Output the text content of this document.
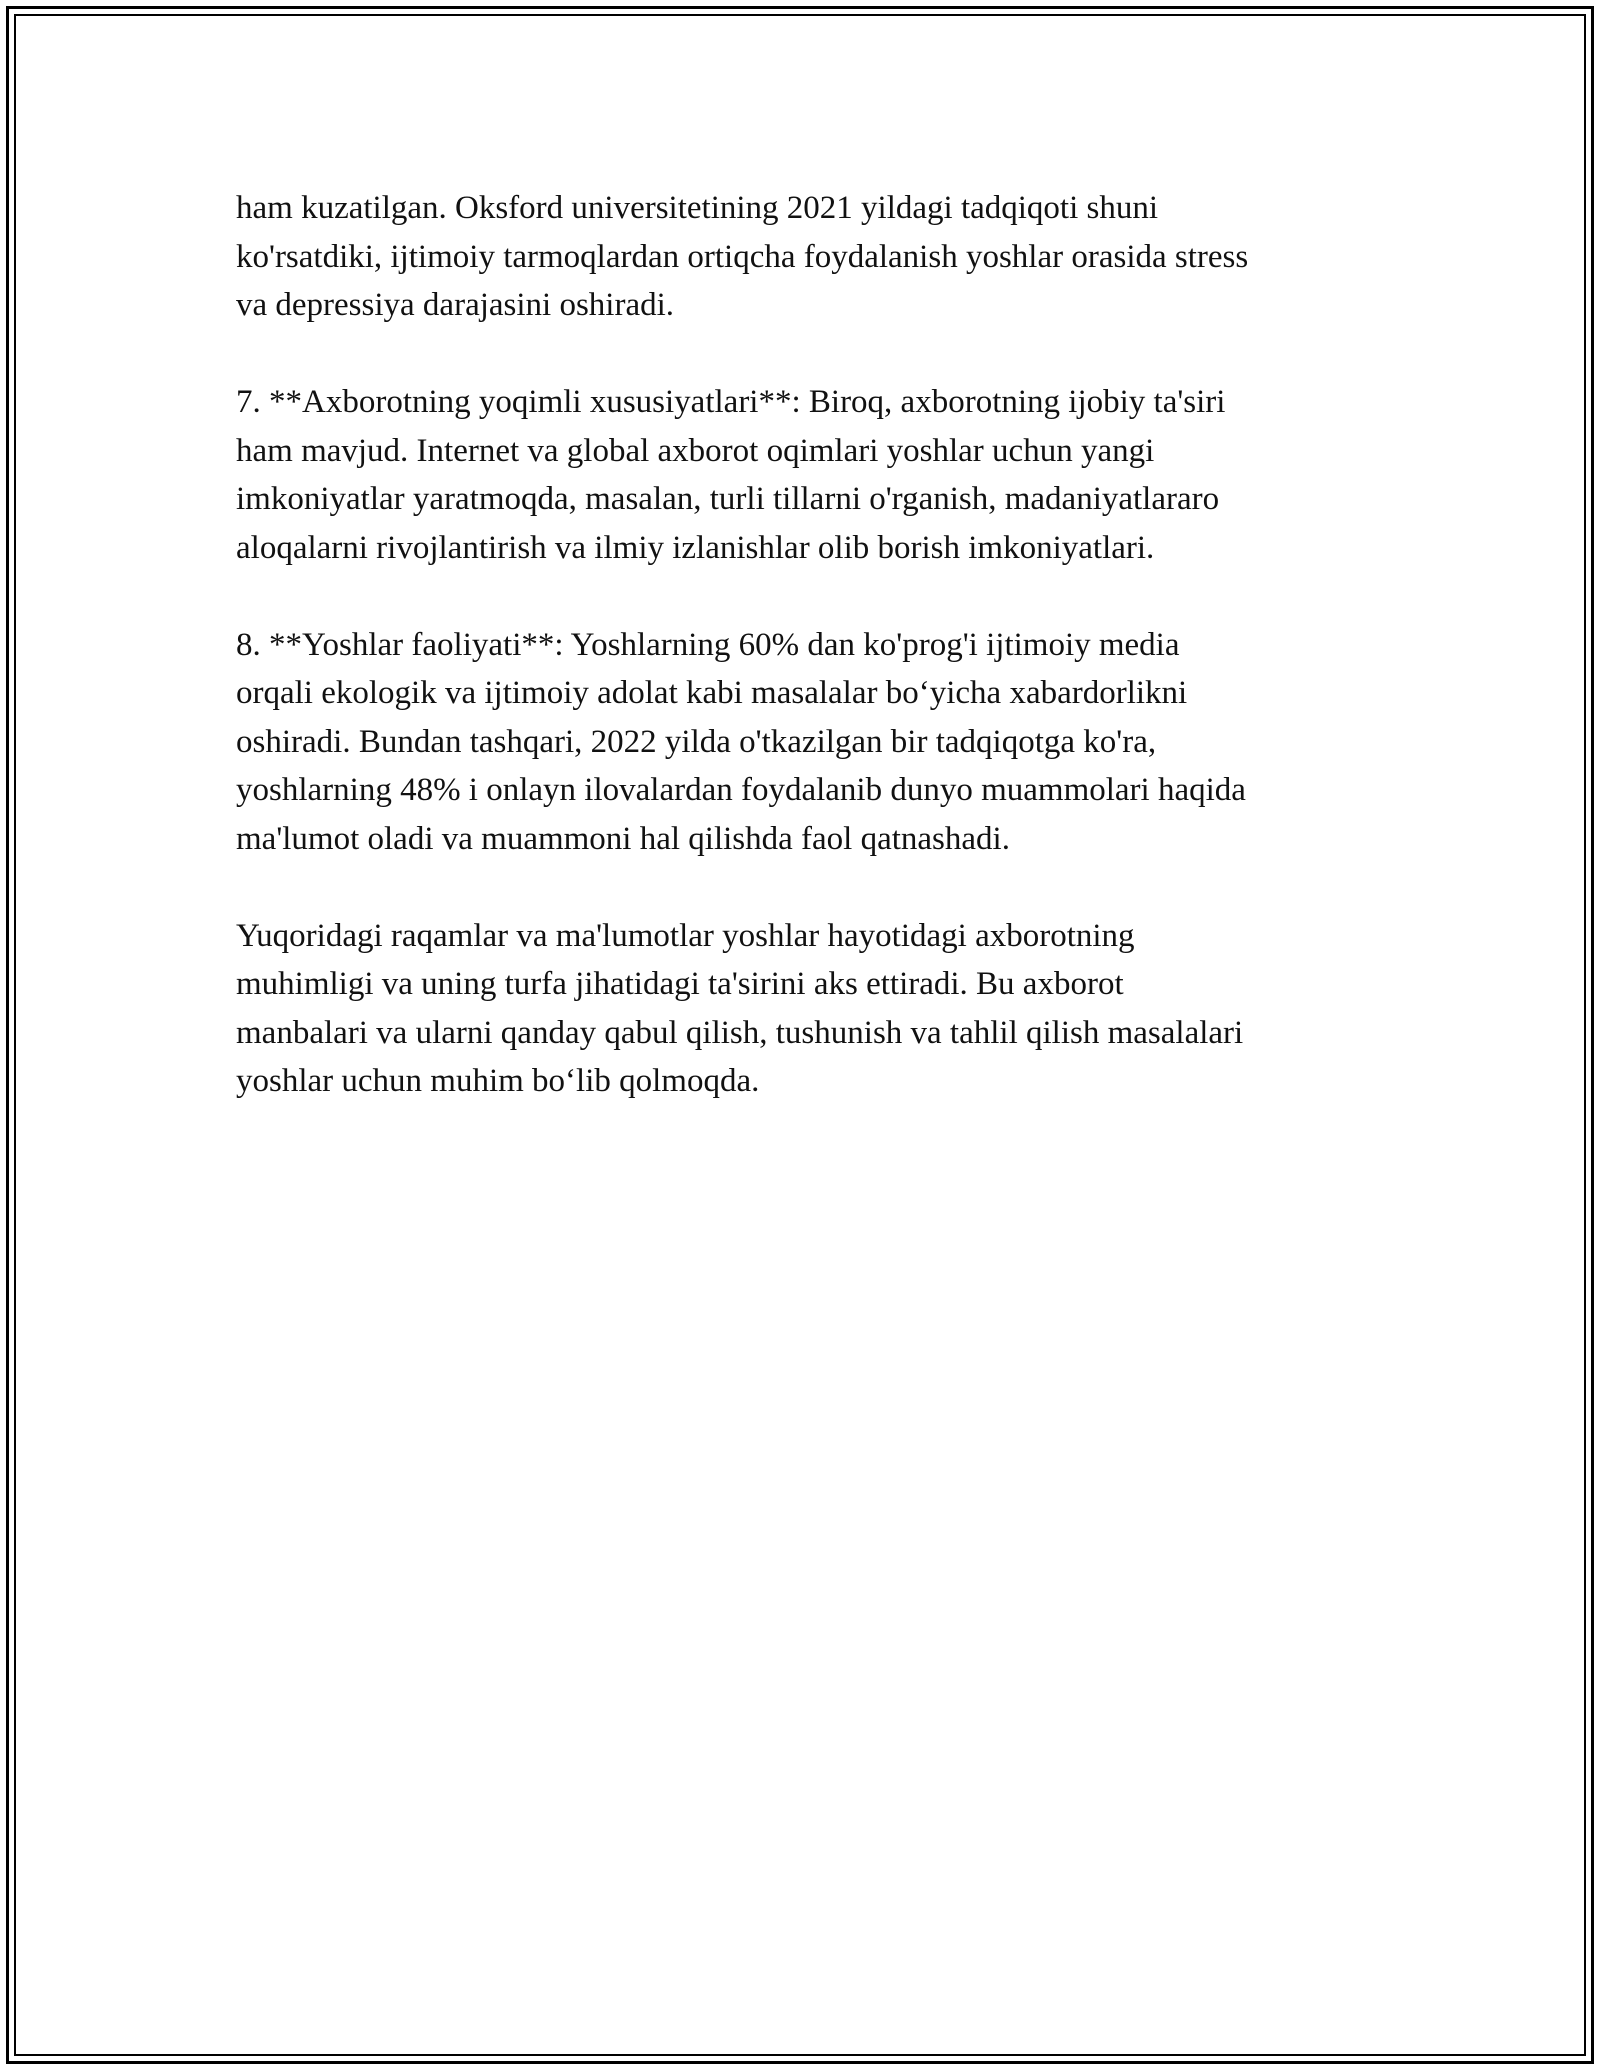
ham kuzatilgan. Oksford universitetining 2021 yildagi tadqiqoti shuni
ko'rsatdiki, ijtimoiy tarmoqlardan ortiqcha foydalanish yoshlar orasida stress
va depressiya darajasini oshiradi.

7. **Axborotning yoqimli xususiyatlari**: Biroq, axborotning ijobiy ta'siri
ham mavjud. Internet va global axborot oqimlari yoshlar uchun yangi
imkoniyatlar yaratmoqda, masalan, turli tillarni o'rganish, madaniyatlararo
aloqalarni rivojlantirish va ilmiy izlanishlar olib borish imkoniyatlari.

8. **Yoshlar faoliyati**: Yoshlarning 60% dan ko'prog'i ijtimoiy media
orqali ekologik va ijtimoiy adolat kabi masalalar bo‘yicha xabardorlikni
oshiradi. Bundan tashqari, 2022 yilda o'tkazilgan bir tadqiqotga ko'ra,
yoshlarning 48% i onlayn ilovalardan foydalanib dunyo muammolari haqida
ma'lumot oladi va muammoni hal qilishda faol qatnashadi.

Yuqoridagi raqamlar va ma'lumotlar yoshlar hayotidagi axborotning
muhimligi va uning turfa jihatidagi ta'sirini aks ettiradi. Bu axborot
manbalari va ularni qanday qabul qilish, tushunish va tahlil qilish masalalari
yoshlar uchun muhim bo‘lib qolmoqda.
